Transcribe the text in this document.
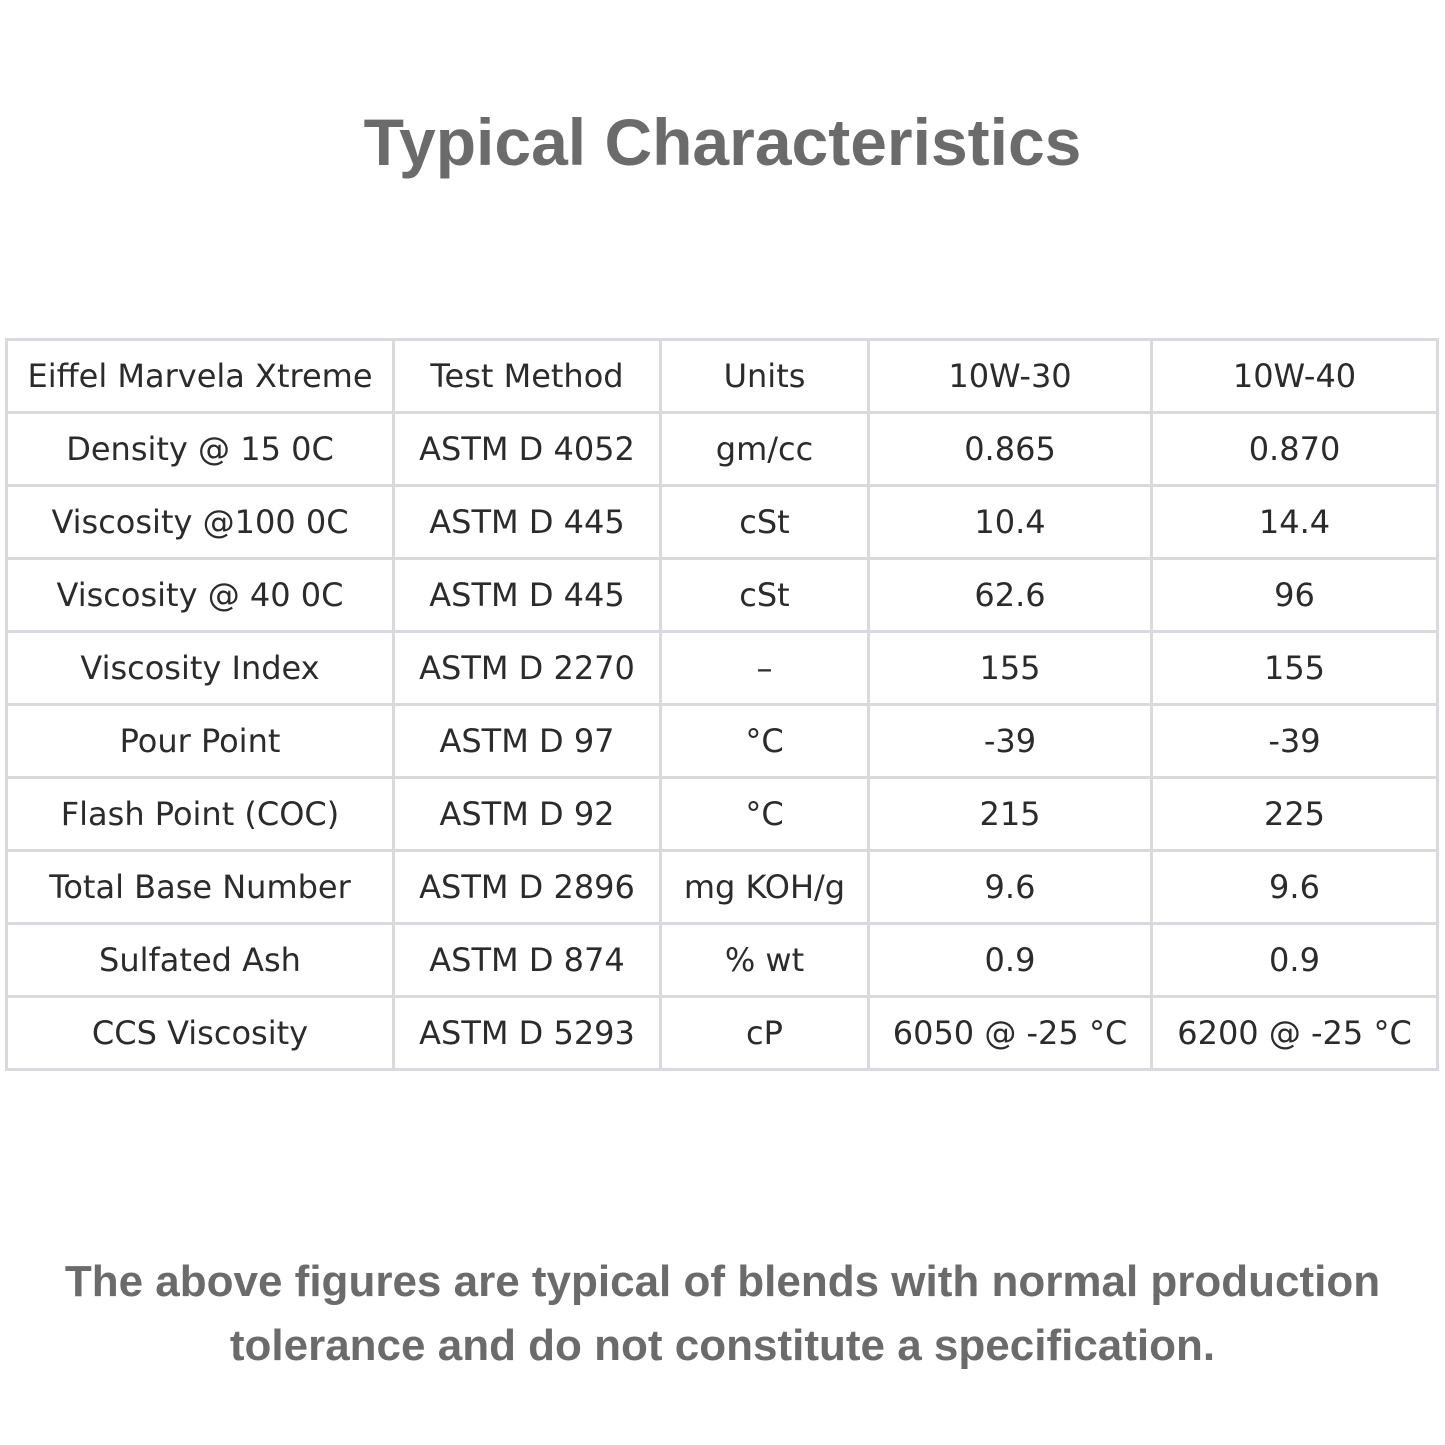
Typical Characteristics
Eiffel Marvela Xtreme	Test Method	Units	10W-30	10W-40
Density @ 15 0C	ASTM D 4052	gm/cc	0.865	0.870
Viscosity @100 0C	ASTM D 445	cSt	10.4	14.4
Viscosity @ 40 0C	ASTM D 445	cSt	62.6	96
Viscosity Index	ASTM D 2270	–	155	155
Pour Point	ASTM D 97	°C	-39	-39
Flash Point (COC)	ASTM D 92	°C	215	225
Total Base Number	ASTM D 2896	mg KOH/g	9.6	9.6
Sulfated Ash	ASTM D 874	% wt	0.9	0.9
CCS Viscosity	ASTM D 5293	cP	6050 @ -25 °C	6200 @ -25 °C
The above figures are typical of blends with normal production
tolerance and do not constitute a specification.
